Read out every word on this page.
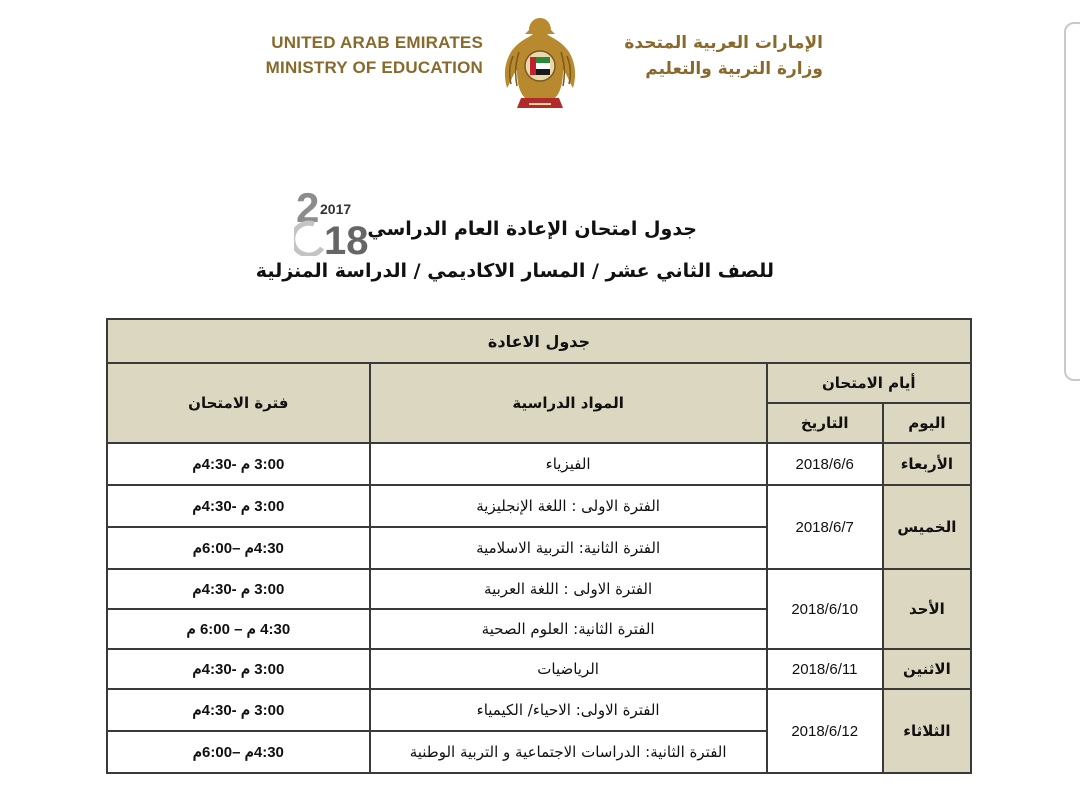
UNITED ARAB EMIRATES
MINISTRY OF EDUCATION
الإمارات العربية المتحدة
وزارة التربية والتعليم
2 2017
18
جدول امتحان الإعادة العام الدراسي
للصف الثاني عشر / المسار الاكاديمي / الدراسة المنزلية
جدول الاعادة			
أيام الامتحان		المواد الدراسية	فترة الامتحان
اليوم	التاريخ		
الأربعاء	2018/6/6	الفيزياء	3:00 م -4:30م
الخميس	2018/6/7	الفترة الاولى : اللغة الإنجليزية	3:00 م -4:30م
		الفترة الثانية: التربية الاسلامية	4:30م –6:00م
الأحد	2018/6/10	الفترة الاولى : اللغة العربية	3:00 م -4:30م
		الفترة الثانية: العلوم الصحية	4:30 م – 6:00 م
الاثنين	2018/6/11	الرياضيات	3:00 م -4:30م
الثلاثاء	2018/6/12	الفترة الاولى: الاحياء/ الكيمياء	3:00 م -4:30م
		الفترة الثانية: الدراسات الاجتماعية و التربية الوطنية	4:30م –6:00م
